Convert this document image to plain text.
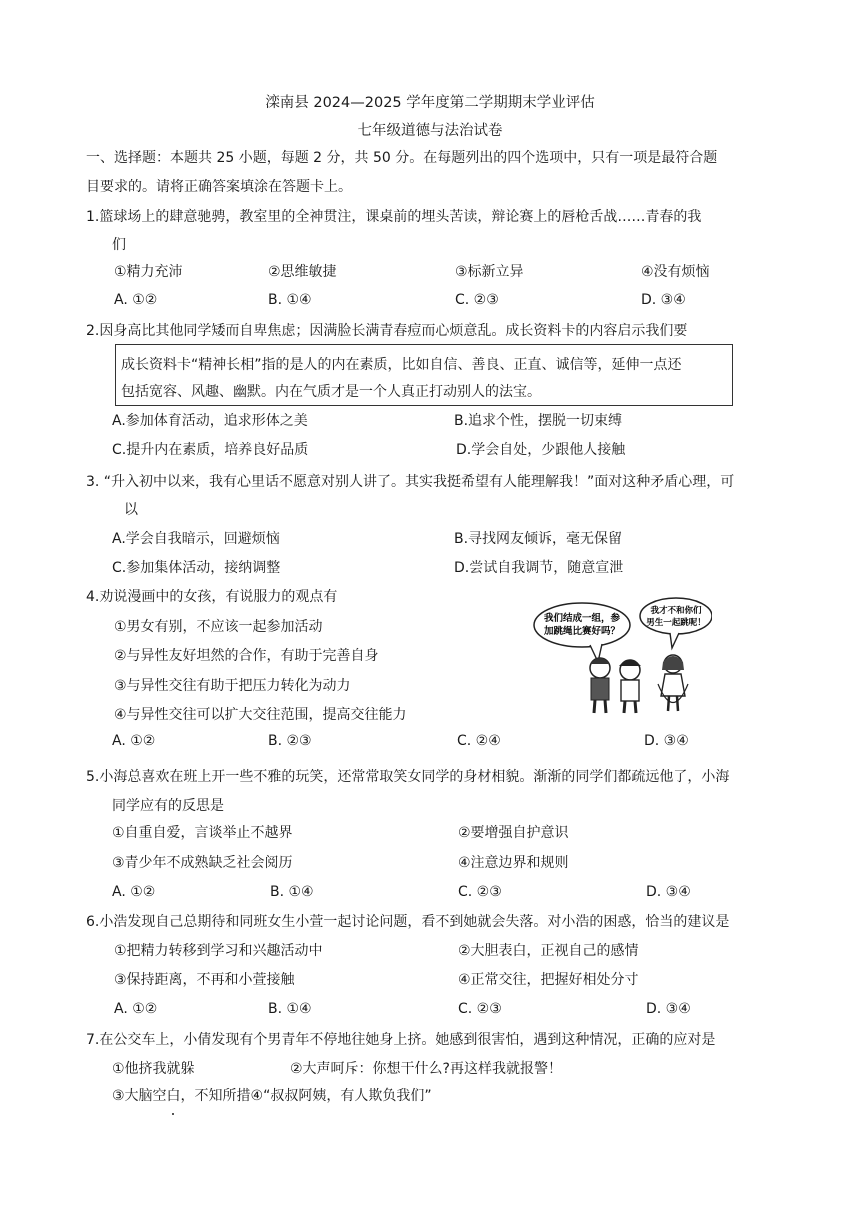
滦南县 2024—2025 学年度第二学期期末学业评估
七年级道德与法治试卷
一、选择题：本题共 25 小题，每题 2 分，共 50 分。在每题列出的四个选项中，只有一项是最符合题
目要求的。请将正确答案填涂在答题卡上。
1.篮球场上的肆意驰骋，教室里的全神贯注，课桌前的埋头苦读，辩论赛上的唇枪舌战……青春的我
们
①精力充沛	②思维敏捷	③标新立异	④没有烦恼
A. ①②	B. ①④	C. ②③	D. ③④
2.因身高比其他同学矮而自卑焦虑；因满脸长满青春痘而心烦意乱。成长资料卡的内容启示我们要
成长资料卡“精神长相”指的是人的内在素质，比如自信、善良、正直、诚信等，延伸一点还
包括宽容、风趣、幽默。内在气质才是一个人真正打动别人的法宝。
A.参加体育活动，追求形体之美	B.追求个性，摆脱一切束缚
C.提升内在素质，培养良好品质	D.学会自处，少跟他人接触
3. “升入初中以来，我有心里话不愿意对别人讲了。其实我挺希望有人能理解我！”面对这种矛盾心理，可
以
A.学会自我暗示，回避烦恼	B.寻找网友倾诉，毫无保留
C.参加集体活动，接纳调整	D.尝试自我调节，随意宣泄
4.劝说漫画中的女孩，有说服力的观点有
①男女有别，不应该一起参加活动
②与异性友好坦然的合作，有助于完善自身
③与异性交往有助于把压力转化为动力
④与异性交往可以扩大交往范围，提高交往能力
A. ①②	B. ②③	C. ②④	D. ③④
我们结成一组，参
加跳绳比赛好吗？
我才不和你们
男生一起跳呢！
5.小海总喜欢在班上开一些不雅的玩笑，还常常取笑女同学的身材相貌。渐渐的同学们都疏远他了，小海
同学应有的反思是
①自重自爱，言谈举止不越界	②要增强自护意识
③青少年不成熟缺乏社会阅历	④注意边界和规则
A. ①②	B. ①④	C. ②③	D. ③④
6.小浩发现自己总期待和同班女生小萱一起讨论问题，看不到她就会失落。对小浩的困惑，恰当的建议是
①把精力转移到学习和兴趣活动中	②大胆表白，正视自己的感情
③保持距离，不再和小萱接触	④正常交往，把握好相处分寸
A. ①②	B. ①④	C. ②③	D. ③④
7.在公交车上，小倩发现有个男青年不停地往她身上挤。她感到很害怕，遇到这种情况，正确的应对是
①他挤我就躲	②大声呵斥：你想干什么?再这样我就报警！
③大脑空白，不知所措④“叔叔阿姨，有人欺负我们”
